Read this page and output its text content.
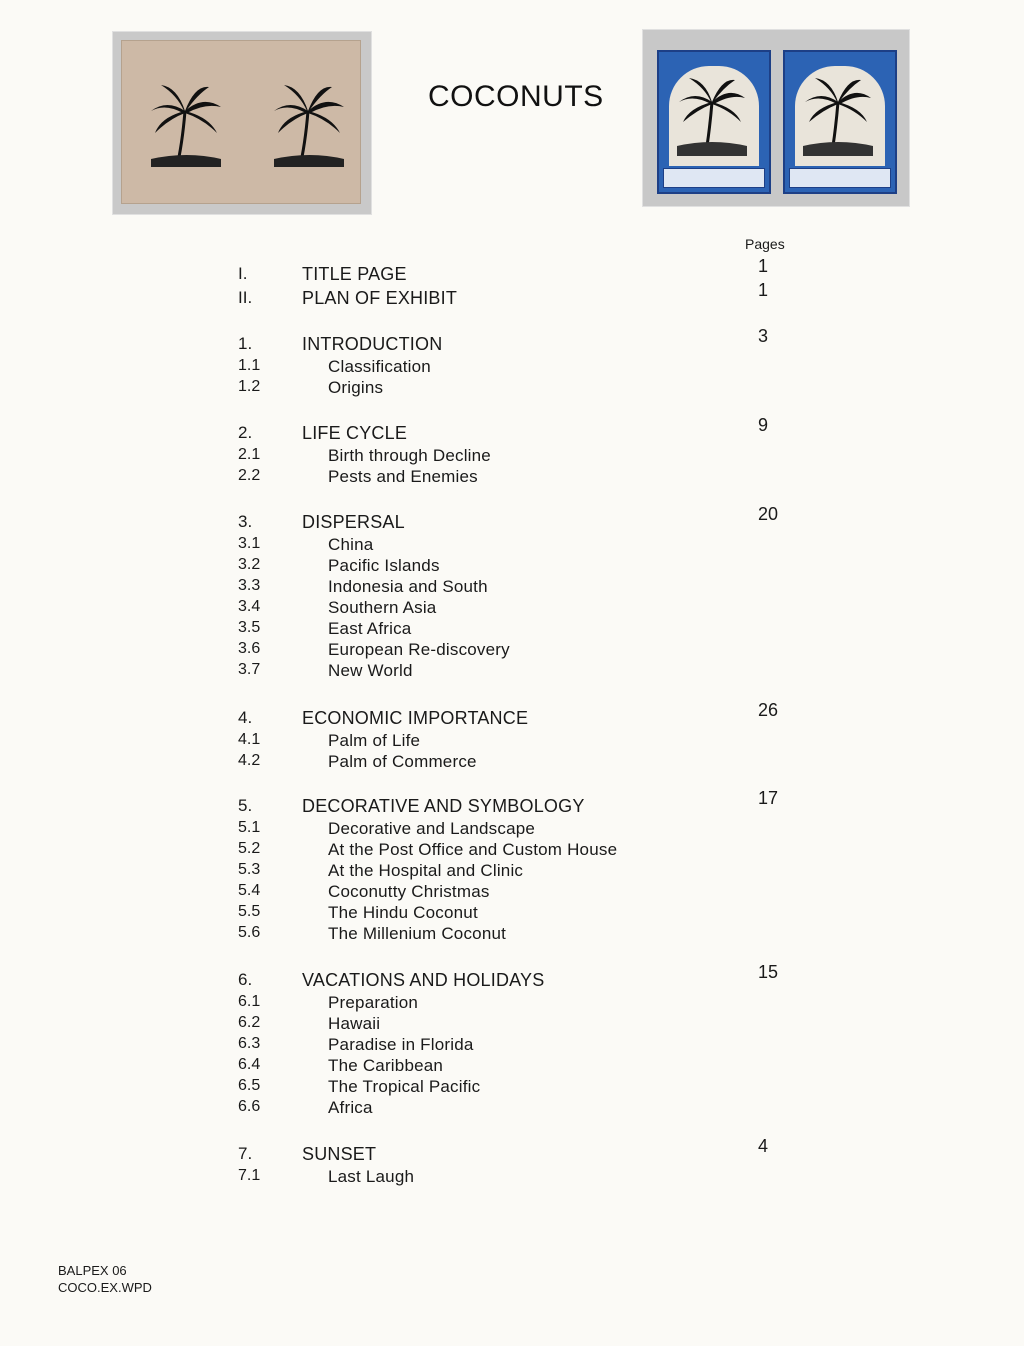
COCONUTS
Pages
I.	TITLE PAGE	1
II.	PLAN OF EXHIBIT	1
1.	INTRODUCTION	3
1.1	Classification
1.2	Origins
2.	LIFE CYCLE	9
2.1	Birth through Decline
2.2	Pests and Enemies
3.	DISPERSAL	20
3.1	China
3.2	Pacific Islands
3.3	Indonesia and South
3.4	Southern Asia
3.5	East Africa
3.6	European Re-discovery
3.7	New World
4.	ECONOMIC IMPORTANCE	26
4.1	Palm of Life
4.2	Palm of Commerce
5.	DECORATIVE AND SYMBOLOGY	17
5.1	Decorative and Landscape
5.2	At the Post Office and Custom House
5.3	At the Hospital and Clinic
5.4	Coconutty Christmas
5.5	The Hindu Coconut
5.6	The Millenium Coconut
6.	VACATIONS AND HOLIDAYS	15
6.1	Preparation
6.2	Hawaii
6.3	Paradise in Florida
6.4	The Caribbean
6.5	The Tropical Pacific
6.6	Africa
7.	SUNSET	4
7.1	Last Laugh
BALPEX 06
COCO.EX.WPD
